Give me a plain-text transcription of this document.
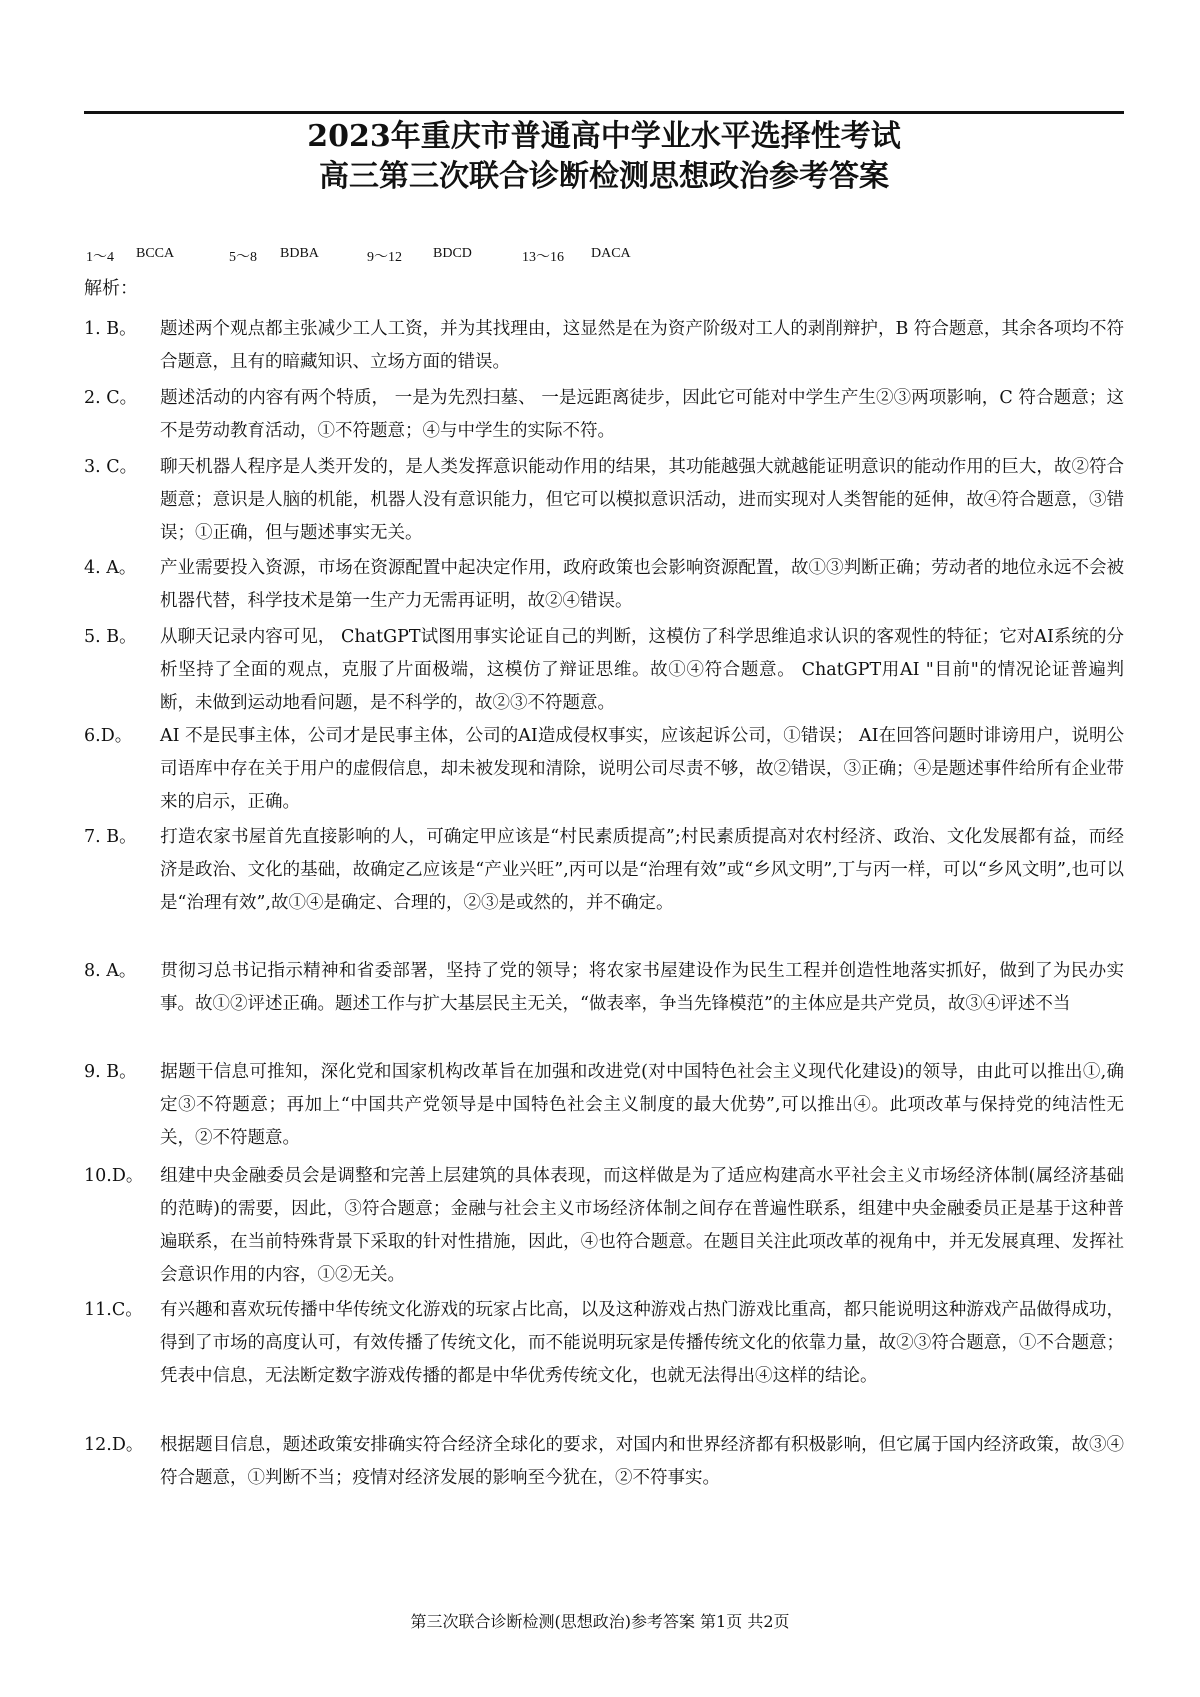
2023年重庆市普通高中学业水平选择性考试
高三第三次联合诊断检测思想政治参考答案
1～4 BCCA	5～8 BDBA	9～12 BDCD	13～16 DACA
解析：
1. B。	题述两个观点都主张减少工人工资，并为其找理由，这显然是在为资产阶级对工人的剥削辩护，B 符合题意，其余各项均不符合题意，且有的暗藏知识、立场方面的错误。
2. C。	题述活动的内容有两个特质， 一是为先烈扫墓、 一是远距离徒步，因此它可能对中学生产生②③两项影响，C 符合题意；这不是劳动教育活动，①不符题意；④与中学生的实际不符。
3. C。	聊天机器人程序是人类开发的，是人类发挥意识能动作用的结果，其功能越强大就越能证明意识的能动作用的巨大，故②符合题意；意识是人脑的机能，机器人没有意识能力，但它可以模拟意识活动，进而实现对人类智能的延伸，故④符合题意，③错误；①正确，但与题述事实无关。
4. A。	产业需要投入资源，市场在资源配置中起决定作用，政府政策也会影响资源配置，故①③判断正确；劳动者的地位永远不会被机器代替，科学技术是第一生产力无需再证明，故②④错误。
5. B。	从聊天记录内容可见， ChatGPT试图用事实论证自己的判断，这模仿了科学思维追求认识的客观性的特征；它对AI系统的分析坚持了全面的观点，克服了片面极端，这模仿了辩证思维。故①④符合题意。 ChatGPT用AI "目前"的情况论证普遍判断，未做到运动地看问题，是不科学的，故②③不符题意。
6.D。	AI 不是民事主体，公司才是民事主体，公司的AI造成侵权事实，应该起诉公司，①错误； AI在回答问题时诽谤用户，说明公司语库中存在关于用户的虚假信息，却未被发现和清除，说明公司尽责不够，故②错误，③正确；④是题述事件给所有企业带来的启示，正确。
7. B。	打造农家书屋首先直接影响的人，可确定甲应该是“村民素质提高”;村民素质提高对农村经济、政治、文化发展都有益，而经济是政治、文化的基础，故确定乙应该是“产业兴旺”,丙可以是“治理有效”或“乡风文明”,丁与丙一样，可以“乡风文明”,也可以是“治理有效”,故①④是确定、合理的，②③是或然的，并不确定。
8. A。	贯彻习总书记指示精神和省委部署，坚持了党的领导；将农家书屋建设作为民生工程并创造性地落实抓好，做到了为民办实事。故①②评述正确。题述工作与扩大基层民主无关，“做表率，争当先锋模范”的主体应是共产党员，故③④评述不当
9. B。	据题干信息可推知，深化党和国家机构改革旨在加强和改进党(对中国特色社会主义现代化建设)的领导，由此可以推出①,确定③不符题意；再加上“中国共产党领导是中国特色社会主义制度的最大优势”,可以推出④。此项改革与保持党的纯洁性无关，②不符题意。
10.D。 组建中央金融委员会是调整和完善上层建筑的具体表现，而这样做是为了适应构建高水平社会主义市场经济体制(属经济基础的范畴)的需要，因此，③符合题意；金融与社会主义市场经济体制之间存在普遍性联系，组建中央金融委员正是基于这种普遍联系，在当前特殊背景下采取的针对性措施，因此，④也符合题意。在题目关注此项改革的视角中，并无发展真理、发挥社会意识作用的内容，①②无关。
11.C。 有兴趣和喜欢玩传播中华传统文化游戏的玩家占比高，以及这种游戏占热门游戏比重高，都只能说明这种游戏产品做得成功，得到了市场的高度认可，有效传播了传统文化，而不能说明玩家是传播传统文化的依靠力量，故②③符合题意，①不合题意；凭表中信息，无法断定数字游戏传播的都是中华优秀传统文化，也就无法得出④这样的结论。
12.D。 根据题目信息，题述政策安排确实符合经济全球化的要求，对国内和世界经济都有积极影响，但它属于国内经济政策，故③④符合题意，①判断不当；疫情对经济发展的影响至今犹在，②不符事实。
第三次联合诊断检测(思想政治)参考答案 第1页 共2页
